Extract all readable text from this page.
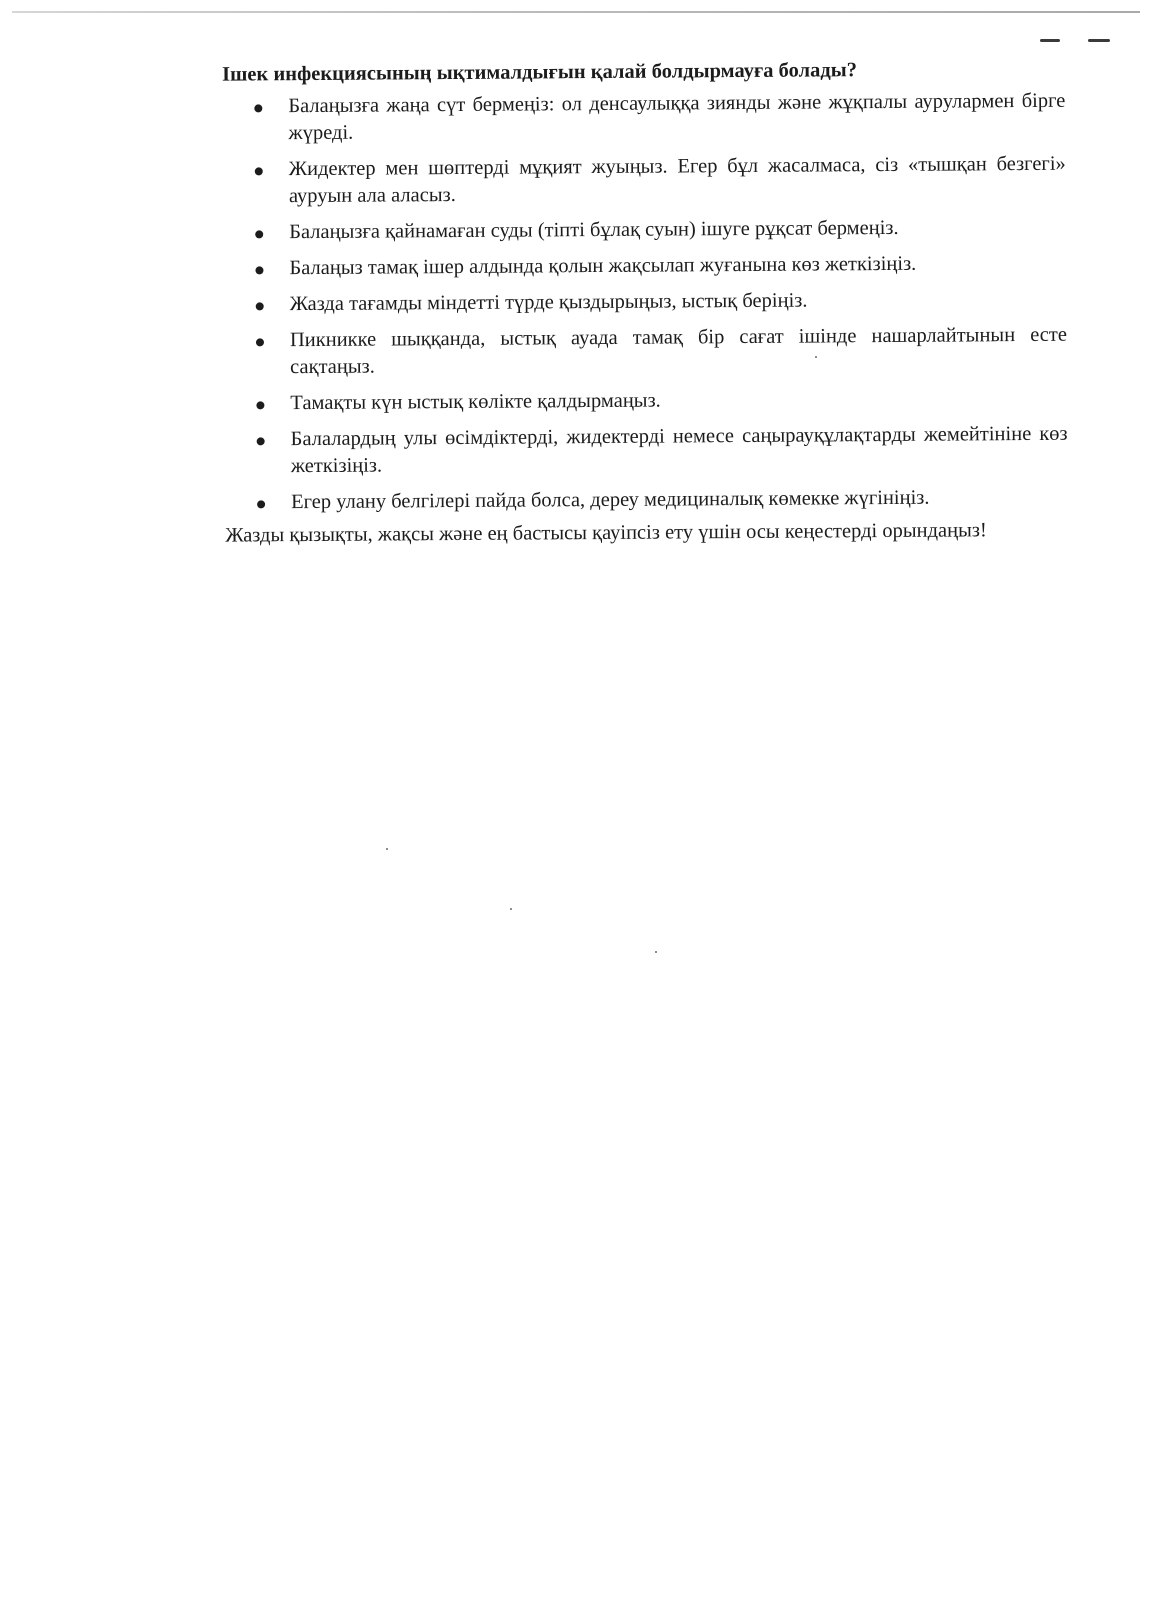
Ішек инфекциясының ықтималдығын қалай болдырмауға болады?
Балаңызға жаңа сүт бермеңіз: ол денсаулыққа зиянды және жұқпалы аурулармен бірге жүреді.
Жидектер мен шөптерді мұқият жуыңыз. Егер бұл жасалмаса, сіз «тышқан безгегі» ауруын ала аласыз.
Балаңызға қайнамаған суды (тіпті бұлақ суын) ішуге рұқсат бермеңіз.
Балаңыз тамақ ішер алдында қолын жақсылап жуғанына көз жеткізіңіз.
Жазда тағамды міндетті түрде қыздырыңыз, ыстық беріңіз.
Пикникке шыққанда, ыстық ауада тамақ бір сағат ішінде нашарлайтынын есте сақтаңыз.
Тамақты күн ыстық көлікте қалдырмаңыз.
Балалардың улы өсімдіктерді, жидектерді немесе саңырауқұлақтарды жемейтініне көз жеткізіңіз.
Егер улану белгілері пайда болса, дереу медициналық көмекке жүгініңіз.

Жазды қызықты, жақсы және ең бастысы қауіпсіз ету үшін осы кеңестерді орындаңыз!
